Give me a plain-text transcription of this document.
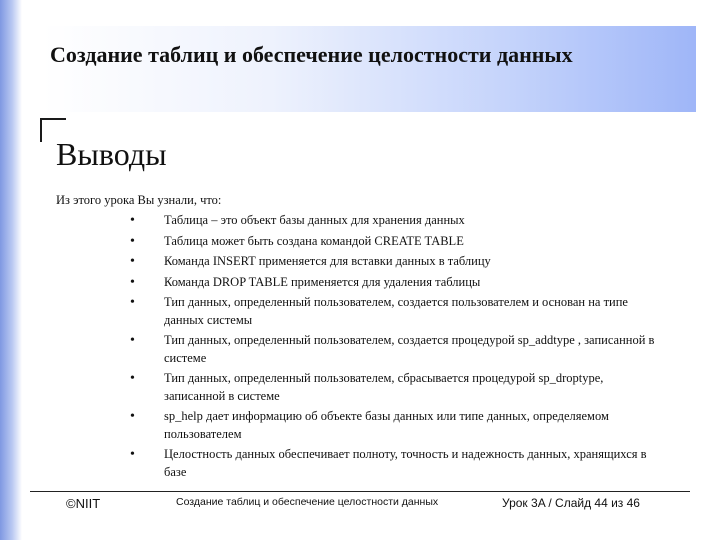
Создание таблиц и обеспечение целостности данных
Выводы
Из этого урока Вы узнали, что:
• Таблица – это объект базы данных для хранения данных
• Таблица может быть создана командой CREATE TABLE
• Команда INSERT применяется для вставки данных в таблицу
• Команда DROP TABLE применяется для удаления таблицы
• Тип данных, определенный пользователем, создается пользователем и основан на типе данных системы
• Тип данных, определенный пользователем, создается процедурой sp_addtype , записанной в системе
• Тип данных, определенный пользователем, сбрасывается процедурой sp_droptype, записанной в системе
• sp_help дает информацию об объекте базы данных или типе данных, определяемом пользователем
• Целостность данных обеспечивает полноту, точность и надежность данных, хранящихся в базе
©NIIT	Создание таблиц и обеспечение целостности данных	Урок 3A / Слайд 44 из 46
